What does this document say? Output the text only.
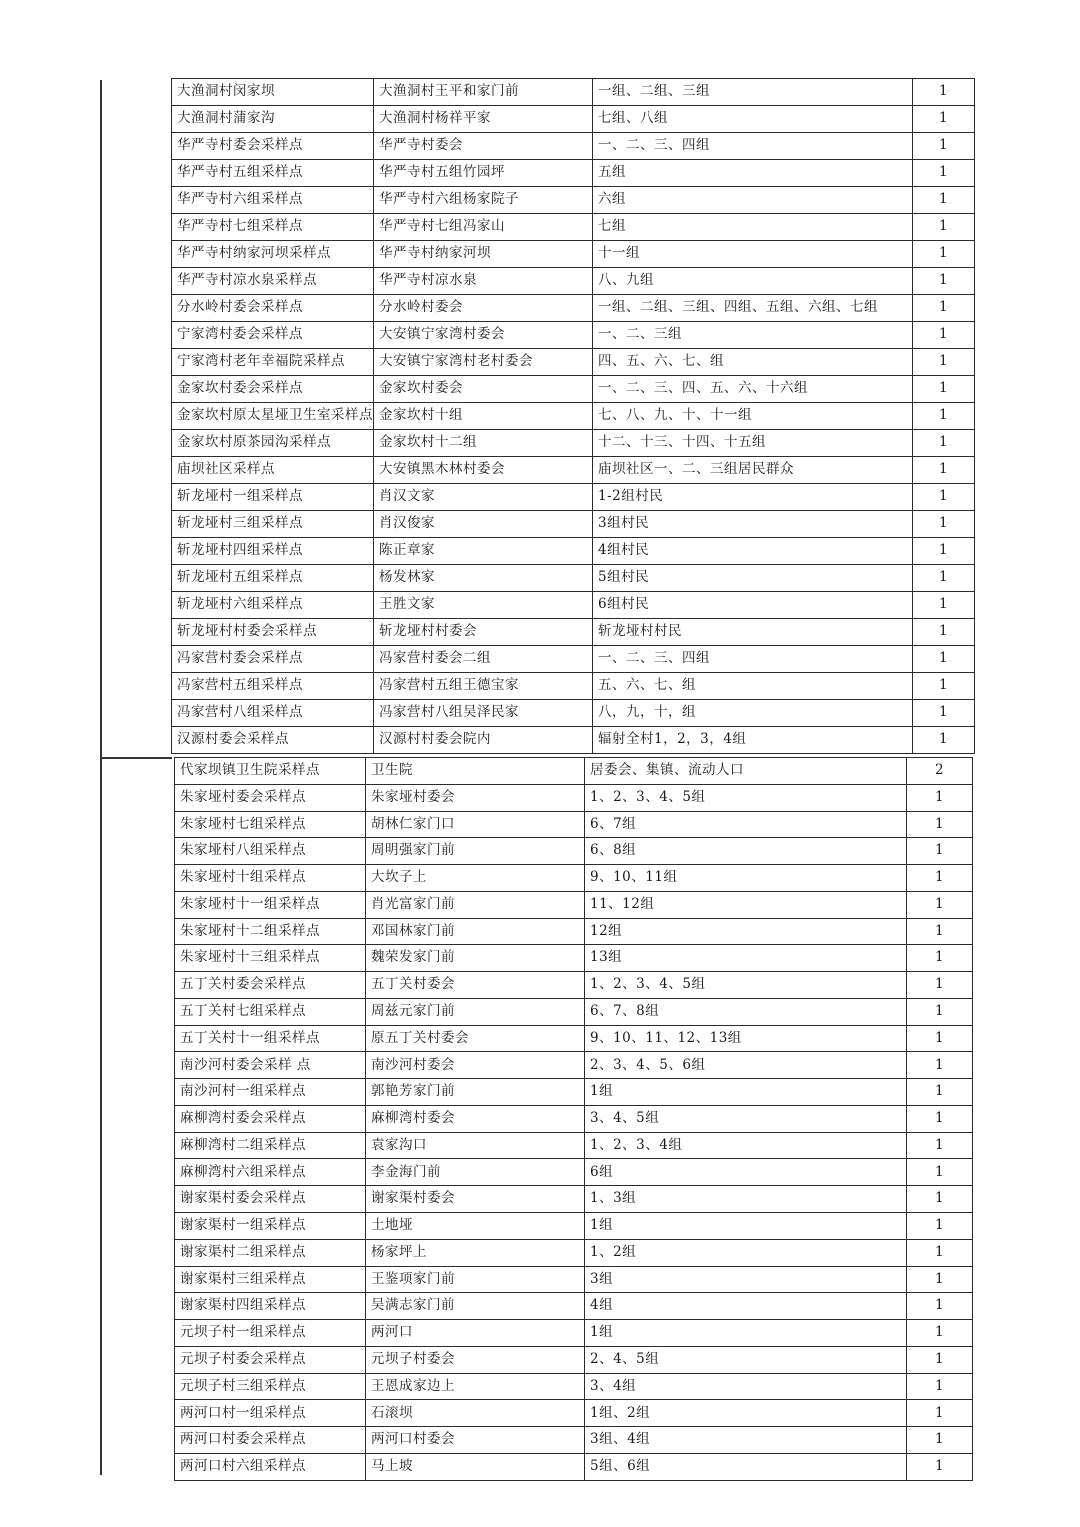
大渔洞村闵家坝	大渔洞村王平和家门前	一组、二组、三组	1
大渔洞村蒲家沟	大渔洞村杨祥平家	七组、八组	1
华严寺村委会采样点	华严寺村委会	一、二、三、四组	1
华严寺村五组采样点	华严寺村五组竹园坪	五组	1
华严寺村六组采样点	华严寺村六组杨家院子	六组	1
华严寺村七组采样点	华严寺村七组冯家山	七组	1
华严寺村纳家河坝采样点	华严寺村纳家河坝	十一组	1
华严寺村凉水泉采样点	华严寺村凉水泉	八、九组	1
分水岭村委会采样点	分水岭村委会	一组、二组、三组、四组、五组、六组、七组	1
宁家湾村委会采样点	大安镇宁家湾村委会	一、二、三组	1
宁家湾村老年幸福院采样点	大安镇宁家湾村老村委会	四、五、六、七、组	1
金家坎村委会采样点	金家坎村委会	一、二、三、四、五、六、十六组	1
金家坎村原太星垭卫生室采样点	金家坎村十组	七、八、九、十、十一组	1
金家坎村原茶园沟采样点	金家坎村十二组	十二、十三、十四、十五组	1
庙坝社区采样点	大安镇黑木林村委会	庙坝社区一、二、三组居民群众	1
斩龙垭村一组采样点	肖汉文家	1-2组村民	1
斩龙垭村三组采样点	肖汉俊家	3组村民	1
斩龙垭村四组采样点	陈正章家	4组村民	1
斩龙垭村五组采样点	杨发林家	5组村民	1
斩龙垭村六组采样点	王胜文家	6组村民	1
斩龙垭村村委会采样点	斩龙垭村村委会	斩龙垭村村民	1
冯家营村委会采样点	冯家营村委会二组	一、二、三、四组	1
冯家营村五组采样点	冯家营村五组王德宝家	五、六、七、组	1
冯家营村八组采样点	冯家营村八组吴泽民家	八，九，十，组	1
汉源村委会采样点	汉源村村委会院内	辐射全村1，2，3，4组	1
代家坝镇卫生院采样点	卫生院	居委会、集镇、流动人口	2
朱家垭村委会采样点	朱家垭村委会	1、2、3、4、5组	1
朱家垭村七组采样点	胡林仁家门口	6、7组	1
朱家垭村八组采样点	周明强家门前	6、8组	1
朱家垭村十组采样点	大坎子上	9、10、11组	1
朱家垭村十一组采样点	肖光富家门前	11、12组	1
朱家垭村十二组采样点	邓国林家门前	12组	1
朱家垭村十三组采样点	魏荣发家门前	13组	1
五丁关村委会采样点	五丁关村委会	1、2、3、4、5组	1
五丁关村七组采样点	周兹元家门前	6、7、8组	1
五丁关村十一组采样点	原五丁关村委会	9、10、11、12、13组	1
南沙河村委会采样 点	南沙河村委会	2、3、4、5、6组	1
南沙河村一组采样点	郭艳芳家门前	1组	1
麻柳湾村委会采样点	麻柳湾村委会	3、4、5组	1
麻柳湾村二组采样点	袁家沟口	1、2、3、4组	1
麻柳湾村六组采样点	李金海门前	6组	1
谢家渠村委会采样点	谢家渠村委会	1、3组	1
谢家渠村一组采样点	土地垭	1组	1
谢家渠村二组采样点	杨家坪上	1、2组	1
谢家渠村三组采样点	王鉴项家门前	3组	1
谢家渠村四组采样点	吴满志家门前	4组	1
元坝子村一组采样点	两河口	1组	1
元坝子村委会采样点	元坝子村委会	2、4、5组	1
元坝子村三组采样点	王恩成家边上	3、4组	1
两河口村一组采样点	石滚坝	1组、2组	1
两河口村委会采样点	两河口村委会	3组、4组	1
两河口村六组采样点	马上坡	5组、6组	1
